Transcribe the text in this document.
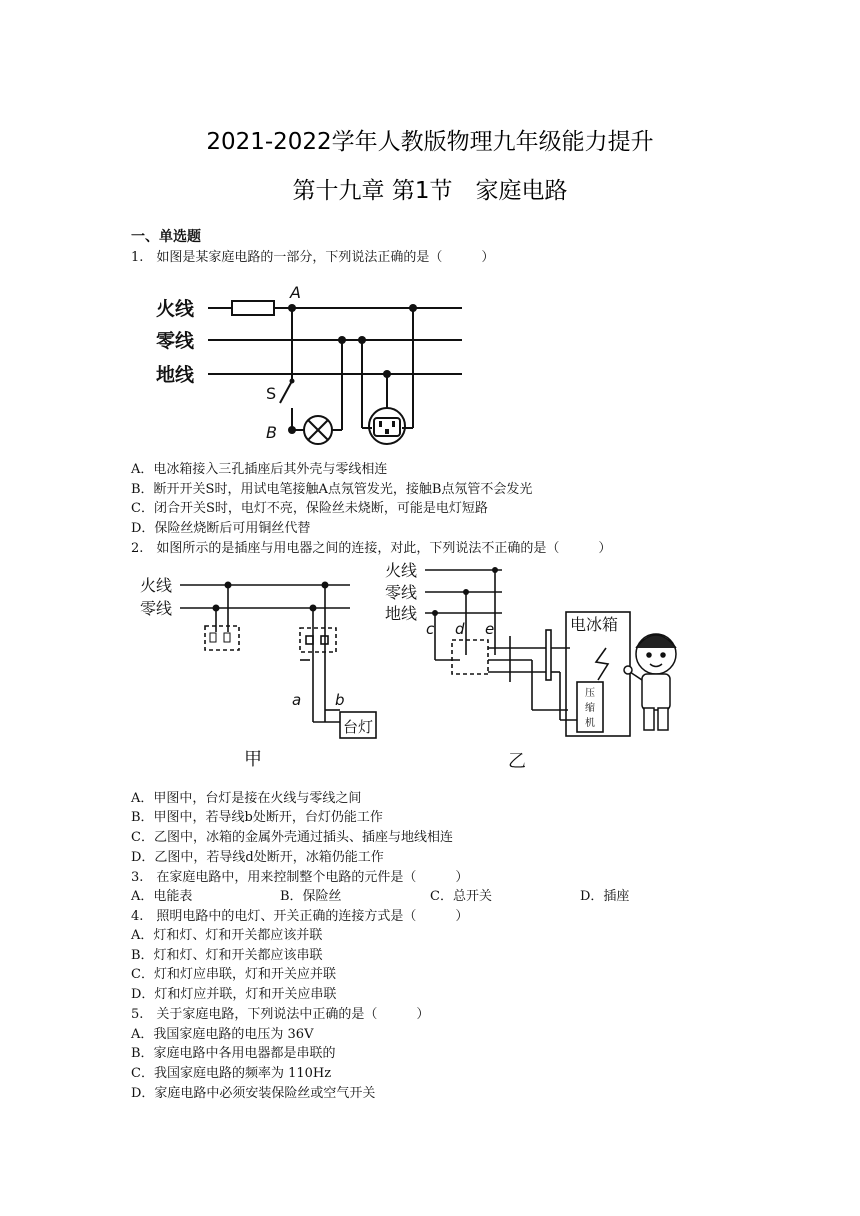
2021-2022学年人教版物理九年级能力提升
第十九章 第1节　家庭电路
一、单选题
1.　如图是某家庭电路的一部分，下列说法正确的是（　　　）
火线
零线
地线
A
S
B
A．电冰箱接入三孔插座后其外壳与零线相连
B．断开开关S时，用试电笔接触A点氖管发光，接触B点氖管不会发光
C．闭合开关S时，电灯不亮，保险丝未烧断，可能是电灯短路
D．保险丝烧断后可用铜丝代替
2.　如图所示的是插座与用电器之间的连接，对此，下列说法不正确的是（　　　）
火线
零线
台灯
甲
a b
火线
零线
地线
电冰箱
乙
压
缩
机
c d e
A．甲图中，台灯是接在火线与零线之间
B．甲图中，若导线b处断开，台灯仍能工作
C．乙图中，冰箱的金属外壳通过插头、插座与地线相连
D．乙图中，若导线d处断开，冰箱仍能工作
3.　在家庭电路中，用来控制整个电路的元件是（　　　）
A．电能表	B．保险丝	C．总开关	D．插座
4.　照明电路中的电灯、开关正确的连接方式是（　　　）
A．灯和灯、灯和开关都应该并联
B．灯和灯、灯和开关都应该串联
C．灯和灯应串联，灯和开关应并联
D．灯和灯应并联，灯和开关应串联
5.　关于家庭电路，下列说法中正确的是（　　　）
A．我国家庭电路的电压为 36V
B．家庭电路中各用电器都是串联的
C．我国家庭电路的频率为 110Hz
D．家庭电路中必须安装保险丝或空气开关
